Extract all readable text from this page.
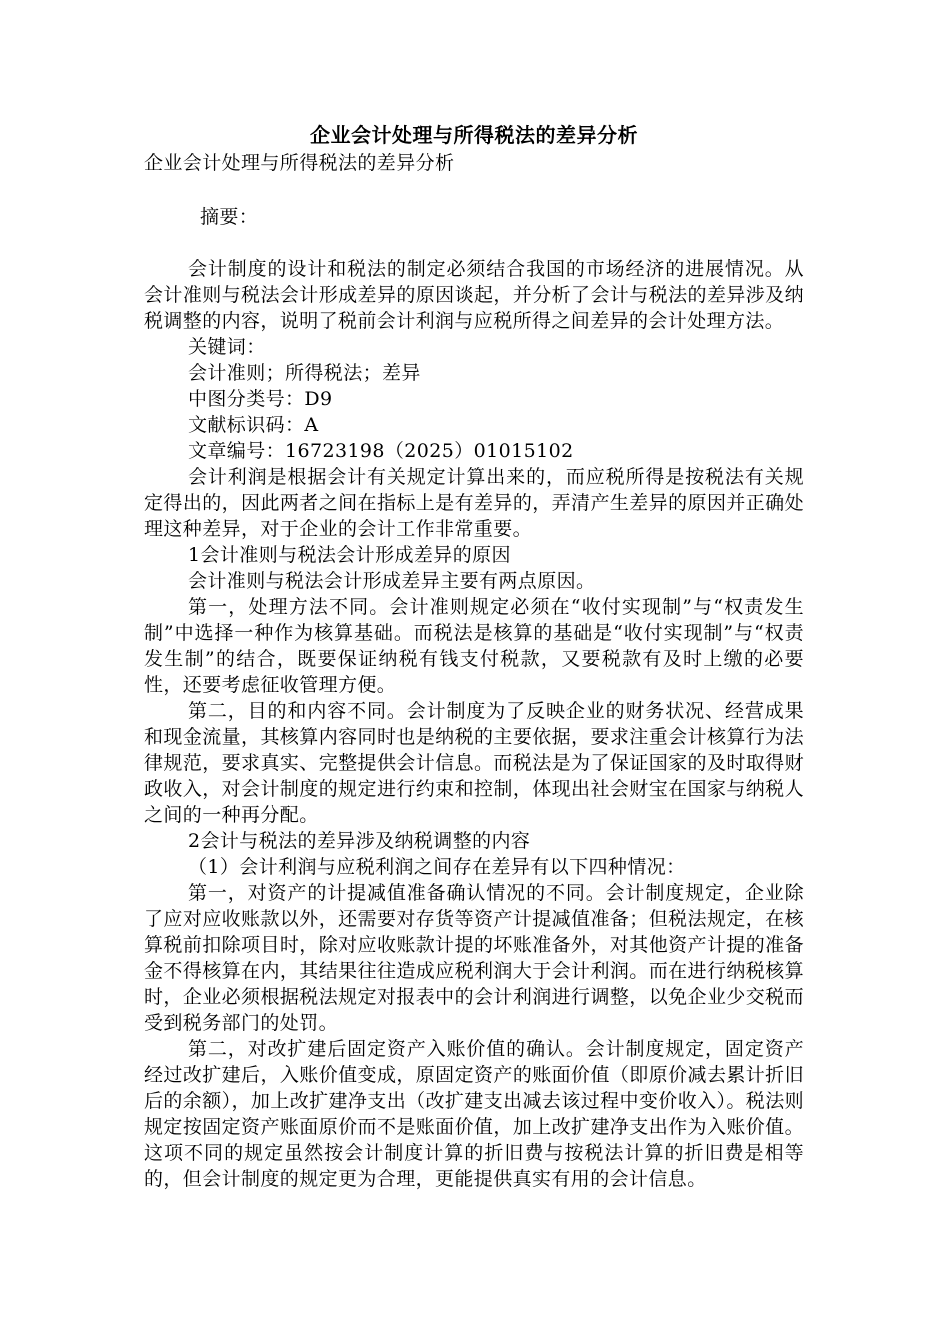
企业会计处理与所得税法的差异分析

企业会计处理与所得税法的差异分析

摘要：

会计制度的设计和税法的制定必须结合我国的市场经济的进展情况。从会计准则与税法会计形成差异的原因谈起，并分析了会计与税法的差异涉及纳税调整的内容，说明了税前会计利润与应税所得之间差异的会计处理方法。

关键词：

会计准则；所得税法；差异

中图分类号：D9

文献标识码：A

文章编号：16723198（2025）01015102

会计利润是根据会计有关规定计算出来的，而应税所得是按税法有关规定得出的，因此两者之间在指标上是有差异的，弄清产生差异的原因并正确处理这种差异，对于企业的会计工作非常重要。

1会计准则与税法会计形成差异的原因

会计准则与税法会计形成差异主要有两点原因。

第一，处理方法不同。会计准则规定必须在“收付实现制”与“权责发生制”中选择一种作为核算基础。而税法是核算的基础是“收付实现制”与“权责发生制”的结合，既要保证纳税有钱支付税款，又要税款有及时上缴的必要性，还要考虑征收管理方便。

第二，目的和内容不同。会计制度为了反映企业的财务状况、经营成果和现金流量，其核算内容同时也是纳税的主要依据，要求注重会计核算行为法律规范，要求真实、完整提供会计信息。而税法是为了保证国家的及时取得财政收入，对会计制度的规定进行约束和控制，体现出社会财宝在国家与纳税人之间的一种再分配。

2会计与税法的差异涉及纳税调整的内容

（1）会计利润与应税利润之间存在差异有以下四种情况：

第一，对资产的计提减值准备确认情况的不同。会计制度规定，企业除了应对应收账款以外，还需要对存货等资产计提减值准备；但税法规定，在核算税前扣除项目时，除对应收账款计提的坏账准备外，对其他资产计提的准备金不得核算在内，其结果往往造成应税利润大于会计利润。而在进行纳税核算时，企业必须根据税法规定对报表中的会计利润进行调整，以免企业少交税而受到税务部门的处罚。

第二，对改扩建后固定资产入账价值的确认。会计制度规定，固定资产经过改扩建后，入账价值变成，原固定资产的账面价值（即原价减去累计折旧后的余额），加上改扩建净支出（改扩建支出减去该过程中变价收入）。税法则规定按固定资产账面原价而不是账面价值，加上改扩建净支出作为入账价值。这项不同的规定虽然按会计制度计算的折旧费与按税法计算的折旧费是相等的，但会计制度的规定更为合理，更能提供真实有用的会计信息。
